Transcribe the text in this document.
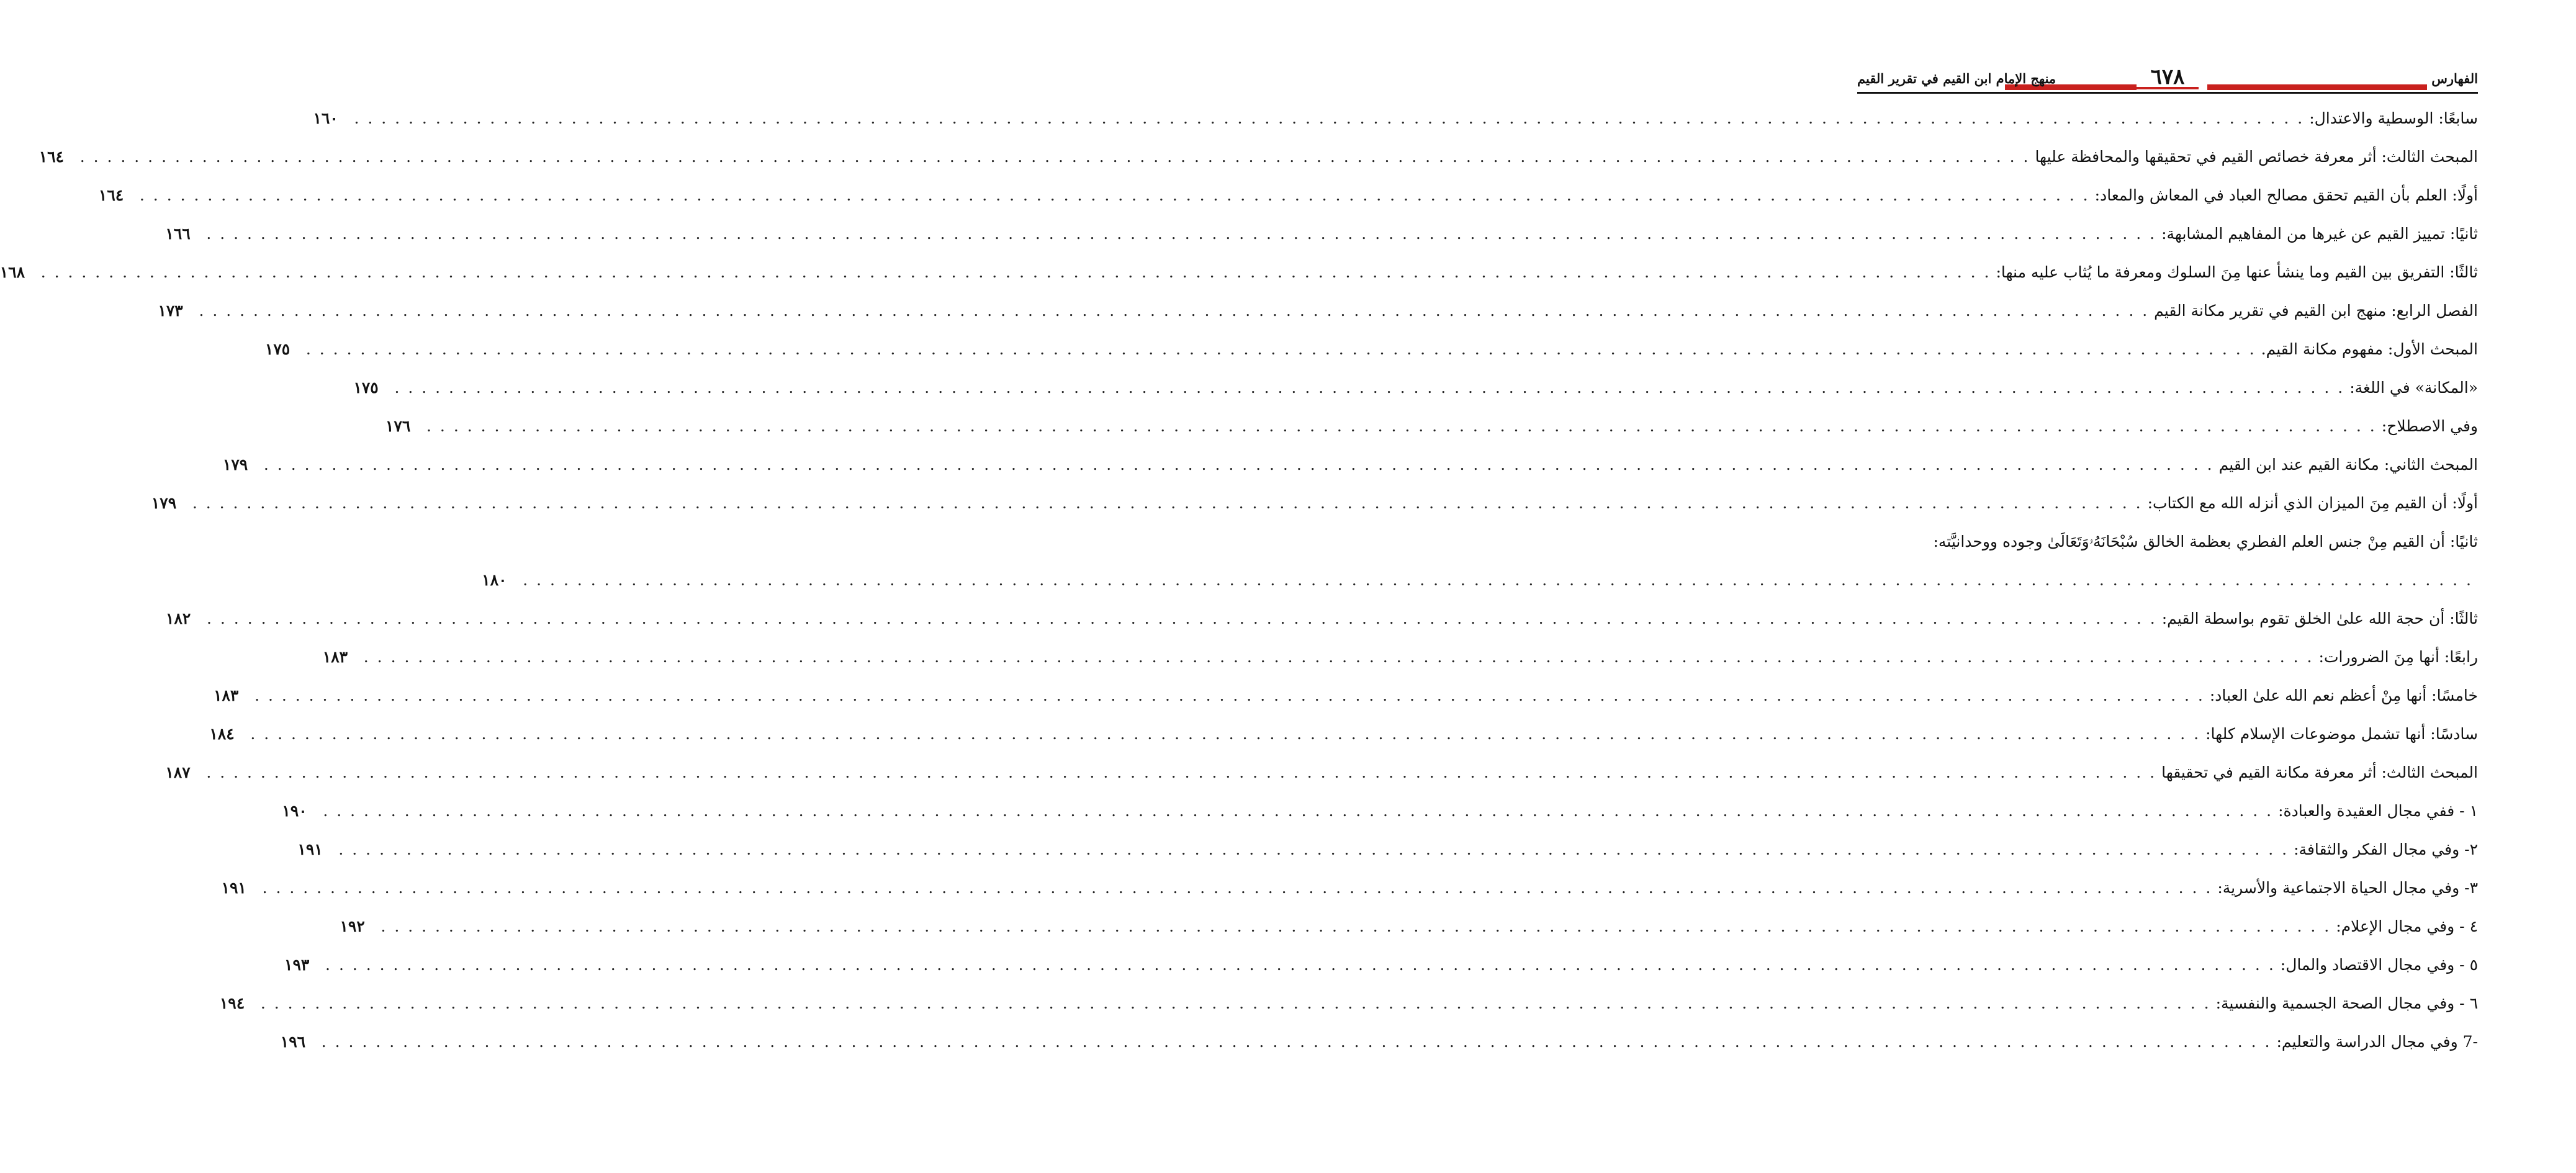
الفهارس
٦٧٨
منهج الإمام ابن القيم في تقرير القيم
سابعًا: الوسطية والاعتدال:
. . . . . . . . . . . . . . . . . . . . . . . . . . . . . . . . . . . . . . . . . . . . . . . . . . . . . . . . . . . . . . . . . . . . . . . . . . . . . . . . . . . . . . . . . . . . . . . . . . . . . . . . . . . . . . . . . . . . . . . . . . . . . . . . . . . . . . . . . . . . . . . .
١٦٠
المبحث الثالث: أثر معرفة خصائص القيم في تحقيقها والمحافظة عليها
. . . . . . . . . . . . . . . . . . . . . . . . . . . . . . . . . . . . . . . . . . . . . . . . . . . . . . . . . . . . . . . . . . . . . . . . . . . . . . . . . . . . . . . . . . . . . . . . . . . . . . . . . . . . . . . . . . . . . . . . . . . . . . . . . . . . . . . . . . . . . . . .
١٦٤
أولًا: العلم بأن القيم تحقق مصالح العباد في المعاش والمعاد:
. . . . . . . . . . . . . . . . . . . . . . . . . . . . . . . . . . . . . . . . . . . . . . . . . . . . . . . . . . . . . . . . . . . . . . . . . . . . . . . . . . . . . . . . . . . . . . . . . . . . . . . . . . . . . . . . . . . . . . . . . . . . . . . . . . . . . . . . . . . . . . . .
١٦٤
ثانيًا: تمييز القيم عن غيرها من المفاهيم المشابهة:
. . . . . . . . . . . . . . . . . . . . . . . . . . . . . . . . . . . . . . . . . . . . . . . . . . . . . . . . . . . . . . . . . . . . . . . . . . . . . . . . . . . . . . . . . . . . . . . . . . . . . . . . . . . . . . . . . . . . . . . . . . . . . . . . . . . . . . . . . . . . . . . .
١٦٦
ثالثًا: التفريق بين القيم وما ينشأ عنها مِنَ السلوك ومعرفة ما يُثاب عليه منها:
. . . . . . . . . . . . . . . . . . . . . . . . . . . . . . . . . . . . . . . . . . . . . . . . . . . . . . . . . . . . . . . . . . . . . . . . . . . . . . . . . . . . . . . . . . . . . . . . . . . . . . . . . . . . . . . . . . . . . . . . . . . . . . . . . . . . . . . . . . . . . . . .
١٦٨
الفصل الرابع: منهج ابن القيم في تقرير مكانة القيم
. . . . . . . . . . . . . . . . . . . . . . . . . . . . . . . . . . . . . . . . . . . . . . . . . . . . . . . . . . . . . . . . . . . . . . . . . . . . . . . . . . . . . . . . . . . . . . . . . . . . . . . . . . . . . . . . . . . . . . . . . . . . . . . . . . . . . . . . . . . . . . . .
١٧٣
المبحث الأول: مفهوم مكانة القيم.
. . . . . . . . . . . . . . . . . . . . . . . . . . . . . . . . . . . . . . . . . . . . . . . . . . . . . . . . . . . . . . . . . . . . . . . . . . . . . . . . . . . . . . . . . . . . . . . . . . . . . . . . . . . . . . . . . . . . . . . . . . . . . . . . . . . . . . . . . . . . . . . .
١٧٥
«المكانة» في اللغة:
. . . . . . . . . . . . . . . . . . . . . . . . . . . . . . . . . . . . . . . . . . . . . . . . . . . . . . . . . . . . . . . . . . . . . . . . . . . . . . . . . . . . . . . . . . . . . . . . . . . . . . . . . . . . . . . . . . . . . . . . . . . . . . . . . . . . . . . . . . . . . . . .
١٧٥
وفي الاصطلاح:
. . . . . . . . . . . . . . . . . . . . . . . . . . . . . . . . . . . . . . . . . . . . . . . . . . . . . . . . . . . . . . . . . . . . . . . . . . . . . . . . . . . . . . . . . . . . . . . . . . . . . . . . . . . . . . . . . . . . . . . . . . . . . . . . . . . . . . . . . . . . . . . .
١٧٦
المبحث الثاني: مكانة القيم عند ابن القيم
. . . . . . . . . . . . . . . . . . . . . . . . . . . . . . . . . . . . . . . . . . . . . . . . . . . . . . . . . . . . . . . . . . . . . . . . . . . . . . . . . . . . . . . . . . . . . . . . . . . . . . . . . . . . . . . . . . . . . . . . . . . . . . . . . . . . . . . . . . . . . . . .
١٧٩
أولًا: أن القيم مِنَ الميزان الذي أنزله الله مع الكتاب:
. . . . . . . . . . . . . . . . . . . . . . . . . . . . . . . . . . . . . . . . . . . . . . . . . . . . . . . . . . . . . . . . . . . . . . . . . . . . . . . . . . . . . . . . . . . . . . . . . . . . . . . . . . . . . . . . . . . . . . . . . . . . . . . . . . . . . . . . . . . . . . . .
١٧٩
ثانيًا: أن القيم مِنْ جنس العلم الفطري بعظمة الخالق سُبْحَانَهُۥوَتَعَالَىٰ وجوده ووحدانيَّته:
. . . . . . . . . . . . . . . . . . . . . . . . . . . . . . . . . . . . . . . . . . . . . . . . . . . . . . . . . . . . . . . . . . . . . . . . . . . . . . . . . . . . . . . . . . . . . . . . . . . . . . . . . . . . . . . . . . . . . . . . . . . . . . . . . . . . . . . . . . . . . . . .
١٨٠
ثالثًا: أن حجة الله علىٰ الخلق تقوم بواسطة القيم:
. . . . . . . . . . . . . . . . . . . . . . . . . . . . . . . . . . . . . . . . . . . . . . . . . . . . . . . . . . . . . . . . . . . . . . . . . . . . . . . . . . . . . . . . . . . . . . . . . . . . . . . . . . . . . . . . . . . . . . . . . . . . . . . . . . . . . . . . . . . . . . . .
١٨٢
رابعًا: أنها مِنَ الضرورات:
. . . . . . . . . . . . . . . . . . . . . . . . . . . . . . . . . . . . . . . . . . . . . . . . . . . . . . . . . . . . . . . . . . . . . . . . . . . . . . . . . . . . . . . . . . . . . . . . . . . . . . . . . . . . . . . . . . . . . . . . . . . . . . . . . . . . . . . . . . . . . . . .
١٨٣
خامسًا: أنها مِنْ أعظم نعم الله علىٰ العباد:
. . . . . . . . . . . . . . . . . . . . . . . . . . . . . . . . . . . . . . . . . . . . . . . . . . . . . . . . . . . . . . . . . . . . . . . . . . . . . . . . . . . . . . . . . . . . . . . . . . . . . . . . . . . . . . . . . . . . . . . . . . . . . . . . . . . . . . . . . . . . . . . .
١٨٣
سادسًا: أنها تشمل موضوعات الإسلام كلها:
. . . . . . . . . . . . . . . . . . . . . . . . . . . . . . . . . . . . . . . . . . . . . . . . . . . . . . . . . . . . . . . . . . . . . . . . . . . . . . . . . . . . . . . . . . . . . . . . . . . . . . . . . . . . . . . . . . . . . . . . . . . . . . . . . . . . . . . . . . . . . . . .
١٨٤
المبحث الثالث: أثر معرفة مكانة القيم في تحقيقها
. . . . . . . . . . . . . . . . . . . . . . . . . . . . . . . . . . . . . . . . . . . . . . . . . . . . . . . . . . . . . . . . . . . . . . . . . . . . . . . . . . . . . . . . . . . . . . . . . . . . . . . . . . . . . . . . . . . . . . . . . . . . . . . . . . . . . . . . . . . . . . . .
١٨٧
١ - ففي مجال العقيدة والعبادة:
. . . . . . . . . . . . . . . . . . . . . . . . . . . . . . . . . . . . . . . . . . . . . . . . . . . . . . . . . . . . . . . . . . . . . . . . . . . . . . . . . . . . . . . . . . . . . . . . . . . . . . . . . . . . . . . . . . . . . . . . . . . . . . . . . . . . . . . . . . . . . . . .
١٩٠
٢- وفي مجال الفكر والثقافة:
. . . . . . . . . . . . . . . . . . . . . . . . . . . . . . . . . . . . . . . . . . . . . . . . . . . . . . . . . . . . . . . . . . . . . . . . . . . . . . . . . . . . . . . . . . . . . . . . . . . . . . . . . . . . . . . . . . . . . . . . . . . . . . . . . . . . . . . . . . . . . . . .
١٩١
٣- وفي مجال الحياة الاجتماعية والأسرية:
. . . . . . . . . . . . . . . . . . . . . . . . . . . . . . . . . . . . . . . . . . . . . . . . . . . . . . . . . . . . . . . . . . . . . . . . . . . . . . . . . . . . . . . . . . . . . . . . . . . . . . . . . . . . . . . . . . . . . . . . . . . . . . . . . . . . . . . . . . . . . . . .
١٩١
٤ - وفي مجال الإعلام:
. . . . . . . . . . . . . . . . . . . . . . . . . . . . . . . . . . . . . . . . . . . . . . . . . . . . . . . . . . . . . . . . . . . . . . . . . . . . . . . . . . . . . . . . . . . . . . . . . . . . . . . . . . . . . . . . . . . . . . . . . . . . . . . . . . . . . . . . . . . . . . . .
١٩٢
٥ - وفي مجال الاقتصاد والمال:
. . . . . . . . . . . . . . . . . . . . . . . . . . . . . . . . . . . . . . . . . . . . . . . . . . . . . . . . . . . . . . . . . . . . . . . . . . . . . . . . . . . . . . . . . . . . . . . . . . . . . . . . . . . . . . . . . . . . . . . . . . . . . . . . . . . . . . . . . . . . . . . .
١٩٣
٦ - وفي مجال الصحة الجسمية والنفسية:
. . . . . . . . . . . . . . . . . . . . . . . . . . . . . . . . . . . . . . . . . . . . . . . . . . . . . . . . . . . . . . . . . . . . . . . . . . . . . . . . . . . . . . . . . . . . . . . . . . . . . . . . . . . . . . . . . . . . . . . . . . . . . . . . . . . . . . . . . . . . . . . .
١٩٤
-7 وفي مجال الدراسة والتعليم:
. . . . . . . . . . . . . . . . . . . . . . . . . . . . . . . . . . . . . . . . . . . . . . . . . . . . . . . . . . . . . . . . . . . . . . . . . . . . . . . . . . . . . . . . . . . . . . . . . . . . . . . . . . . . . . . . . . . . . . . . . . . . . . . . . . . . . . . . . . . . . . . .
١٩٦
